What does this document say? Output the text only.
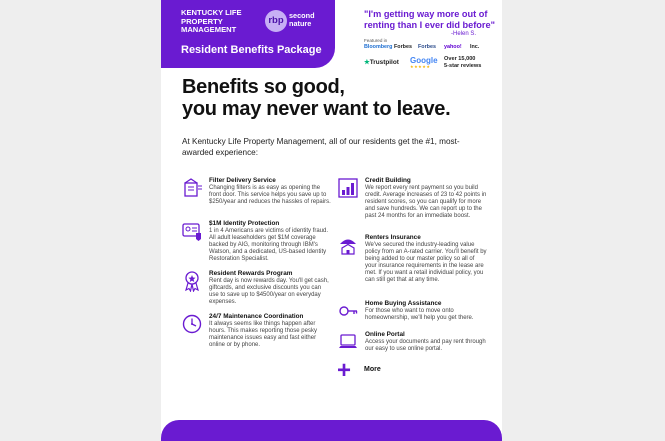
KENTUCKY LIFE PROPERTY MANAGEMENT
rbp second nature
Resident Benefits Package
"I'm getting way more out of renting than I ever did before"
-Helen S.
Featured in
Bloomberg Forbes Forbes yahoo! Inc.
★Trustpilot Google
★★★★★
Over 15,000
5-star reviews
Benefits so good,
you may never want to leave.
At Kentucky Life Property Management, all of our residents get the #1, most-awarded experience:
Filter Delivery Service
Changing filters is as easy as opening the front door. This service helps you save up to $250/year and reduces the hassles of repairs.
$1M Identity Protection
1 in 4 Americans are victims of identity fraud. All adult leaseholders get $1M coverage backed by AIG, monitoring through IBM's Watson, and a dedicated, US-based Identity Restoration Specialist.
Resident Rewards Program
Rent day is now rewards day. You'll get cash, giftcards, and exclusive discounts you can use to save up to $4500/year on everyday expenses.
24/7 Maintenance Coordination
It always seems like things happen after hours. This makes reporting those pesky maintenance issues easy and fast either online or by phone.
Credit Building
We report every rent payment so you build credit. Average increases of 23 to 42 points in resident scores, so you can qualify for more and save hundreds. We can report up to the past 24 months for an immediate boost.
Renters Insurance
We've secured the industry-leading value policy from an A-rated carrier. You'll benefit by being added to our master policy so all of your insurance requirements in the lease are met. If you want a retail individual policy, you can still get that at any time.
Home Buying Assistance
For those who want to move onto homeownership, we'll help you get there.
Online Portal
Access your documents and pay rent through our easy to use online portal.
+ More
